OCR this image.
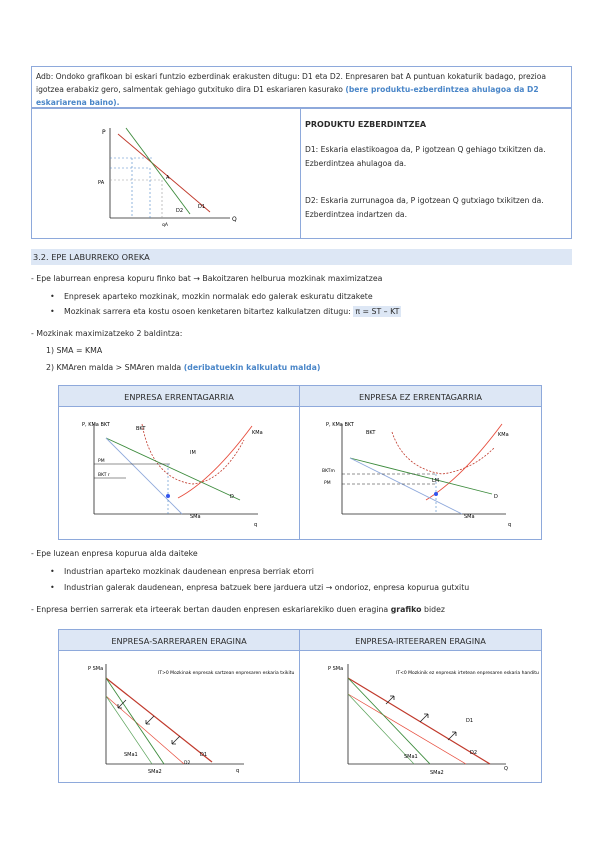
Adb: Ondoko grafikoan bi eskari funtzio ezberdinak erakusten ditugu: D1 eta D2. Enpresaren bat A puntuan kokaturik badago, prezioa igotzea erabakiz gero, salmentak gehiago gutxituko dira D1 eskariaren kasurako (bere produktu-ezberdintzea ahulagoa da D2 eskariarena baino).
P
PA
A
D1
D2
qA
Q
PRODUKTU EZBERDINTZEA
D1: Eskaria elastikoagoa da, P igotzean Q gehiago txikitzen da. Ezberdintzea ahulagoa da.
D2: Eskaria zurrunagoa da, P igotzean Q gutxiago txikitzen da. Ezberdintzea indartzen da.
3.2. EPE LABURREKO OREKA
- Epe laburrean enpresa kopuru finko bat → Bakoitzaren helburua mozkinak maximizatzea
• Enpresek aparteko mozkinak, mozkin normalak edo galerak eskuratu ditzakete
• Mozkinak sarrera eta kostu osoen kenketaren bitartez kalkulatzen ditugu: π = ST – KT
- Mozkinak maximizatzeko 2 baldintza:
1) SMA = KMA
2) KMAren malda > SMAren malda (deribatuekin kalkulatu malda)
ENPRESA ERRENTAGARRIA	ENPRESA EZ ERRENTAGARRIA
P, KMa BKT
BKT
KMa
PM
BKT r
IM
D
SMa
q
P, KMa BKT
KMa
BKT
BKTm
PM	LM
D
SMa
q
- Epe luzean enpresa kopurua alda daiteke
• Industrian aparteko mozkinak daudenean enpresa berriak etorri
• Industrian galerak daudenean, enpresa batzuek bere jarduera utzi → ondorioz, enpresa kopurua gutxitu
- Enpresa berrien sarrerak eta irteerak bertan dauden enpresen eskariarekiko duen eragina grafiko bidez
ENPRESA-SARRERAREN ERAGINA	ENPRESA-IRTEERAREN ERAGINA
P SMa
IT>0 Mozkinak enpresak sartzean enpresaren eskaria txikitu
D1
D2
SMa1
SMa2	q
P SMa
IT<0 Mozkinik ez enpresak irtetean enpresaren eskaria handitu
D1
D2
SMa1
SMa2
Q
